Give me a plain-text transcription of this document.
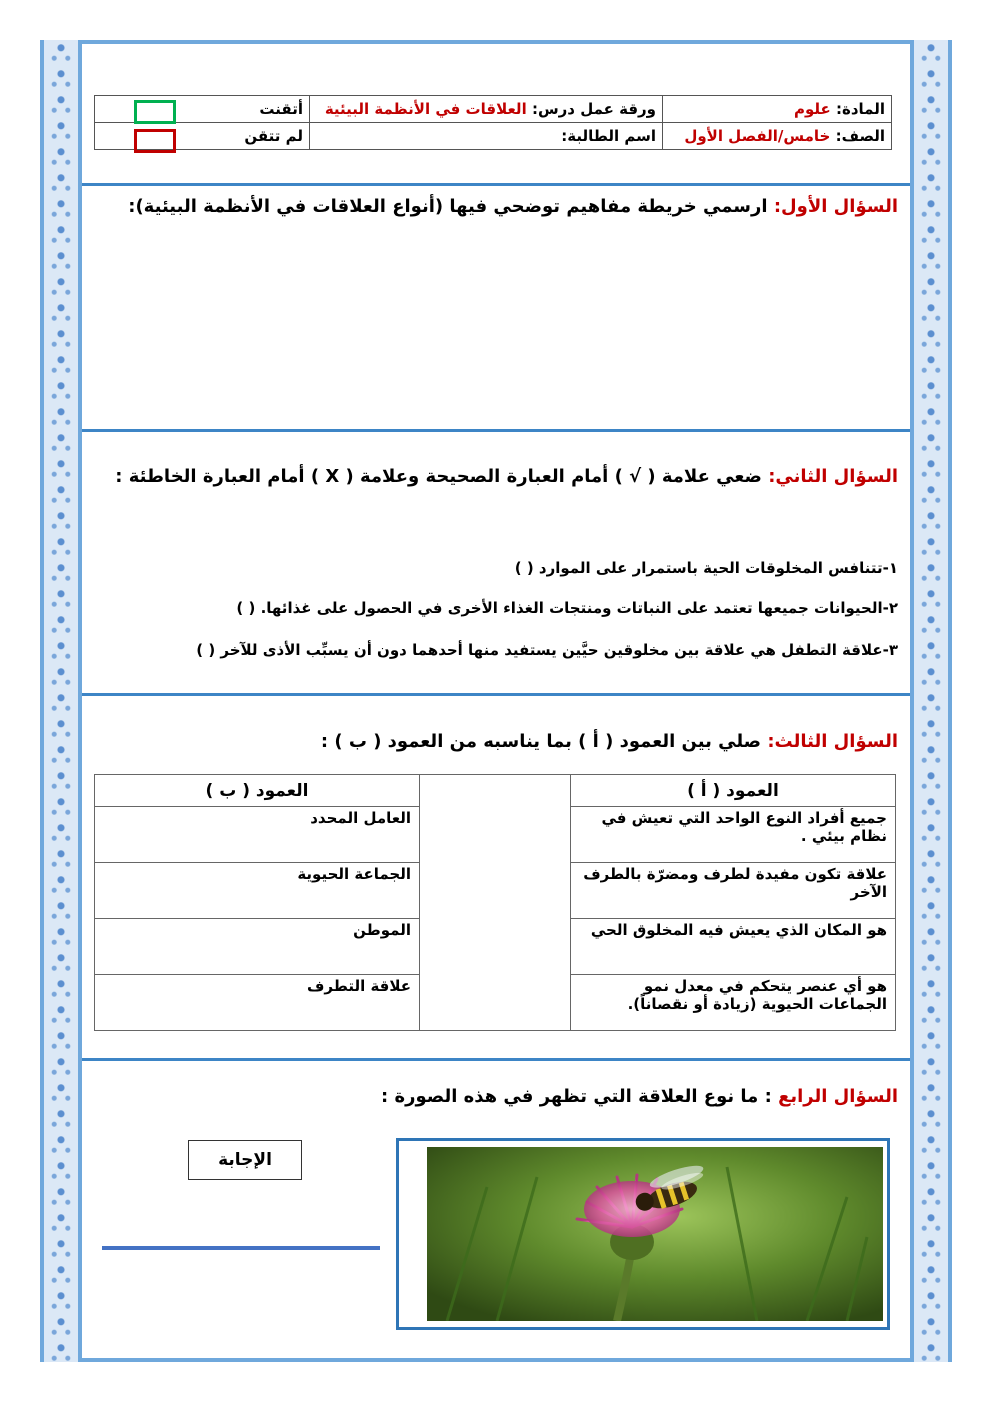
المادة: علوم	ورقة عمل درس: العلاقات في الأنظمة البيئية	أتقنت
الصف: خامس/الفصل الأول	اسم الطالبة:	لم تتقن
السؤال الأول: ارسمي خريطة مفاهيم توضحي فيها (أنواع العلاقات في الأنظمة البيئية):
السؤال الثاني: ضعي علامة ( √ ) أمام العبارة الصحيحة وعلامة ( X ) أمام العبارة الخاطئة :
١-تتنافس المخلوقات الحية باستمرار على الموارد ( )
٢-الحيوانات جميعها تعتمد على النباتات ومنتجات الغذاء الأخرى في الحصول على غذائها. ( )
٣-علاقة التطفل هي علاقة بين مخلوقين حيَّين يستفيد منها أحدهما دون أن يسبِّب الأذى للآخر ( )
السؤال الثالث: صلي بين العمود ( أ ) بما يناسبه من العمود ( ب ) :
العمود ( أ )		العمود ( ب )
جميع أفراد النوع الواحد التي تعيش في نظام بيئي .		العامل المحدد
علاقة تكون مفيدة لطرف ومضرّة بالطرف الآخر		الجماعة الحيوية
هو المكان الذي يعيش فيه المخلوق الحي		الموطن
هو أي عنصر يتحكم في معدل نمو الجماعات الحيوية (زيادة أو نقصاناً).		علاقة التطرف
السؤال الرابع : ما نوع العلاقة التي تظهر في هذه الصورة :
الإجابة
